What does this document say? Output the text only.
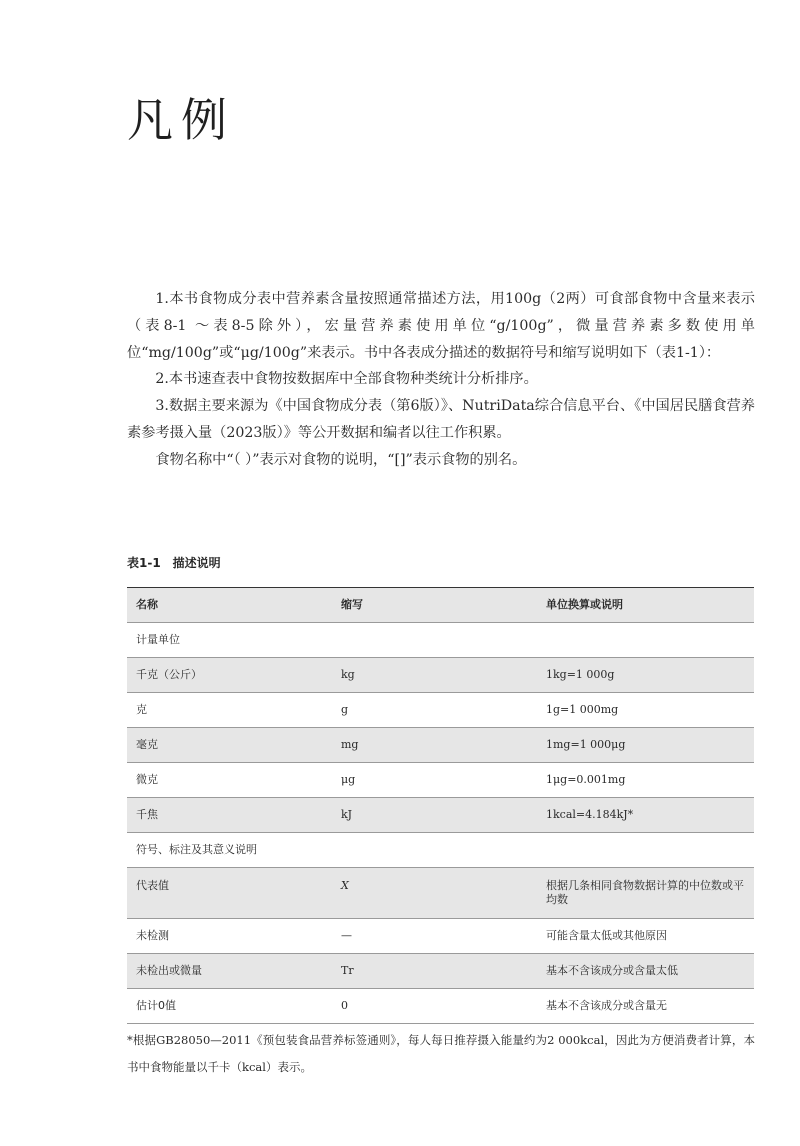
凡例

1.本书食物成分表中营养素含量按照通常描述方法，用100g（2两）可食部食物中含量来表示（表8-1 ～表8-5除外），宏量营养素使用单位“g/100g”，微量营养素多数使用单位“mg/100g”或“μg/100g”来表示。书中各表成分描述的数据符号和缩写说明如下（表1-1）：

2.本书速查表中食物按数据库中全部食物种类统计分析排序。

3.数据主要来源为《中国食物成分表（第6版）》、NutriData综合信息平台、《中国居民膳食营养素参考摄入量（2023版）》等公开数据和编者以往工作积累。

食物名称中“（ ）”表示对食物的说明，“[]”表示食物的别名。

表1-1　描述说明

名称	缩写	单位换算或说明
计量单位		
千克（公斤）	kg	1kg=1 000g
克	g	1g=1 000mg
毫克	mg	1mg=1 000μg
微克	μg	1μg=0.001mg
千焦	kJ	1kcal=4.184kJ*
符号、标注及其意义说明		
代表值	X	根据几条相同食物数据计算的中位数或平均数
未检测	—	可能含量太低或其他原因
未检出或微量	Tr	基本不含该成分或含量太低
估计0值	0	基本不含该成分或含量无

*根据GB28050—2011《预包装食品营养标签通则》，每人每日推荐摄入能量约为2 000kcal，因此为方便消费者计算，本书中食物能量以千卡（kcal）表示。
